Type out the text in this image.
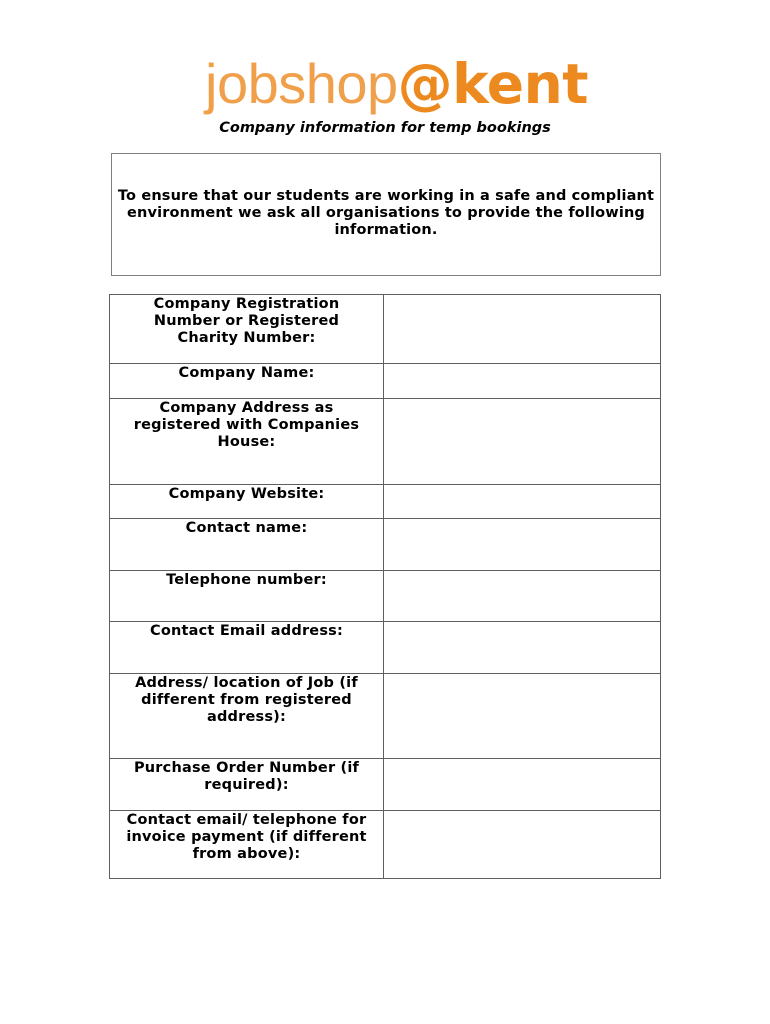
jobshop@kent
Company information for temp bookings
To ensure that our students are working in a safe and compliant environment we ask all organisations to provide the following information.
Company Registration Number or Registered Charity Number:	
Company Name:	
Company Address as registered with Companies House:	
Company Website:	
Contact name:	
Telephone number:	
Contact Email address:	
Address/ location of Job (if different from registered address):	
Purchase Order Number (if required):	
Contact email/ telephone for invoice payment (if different from above):	
